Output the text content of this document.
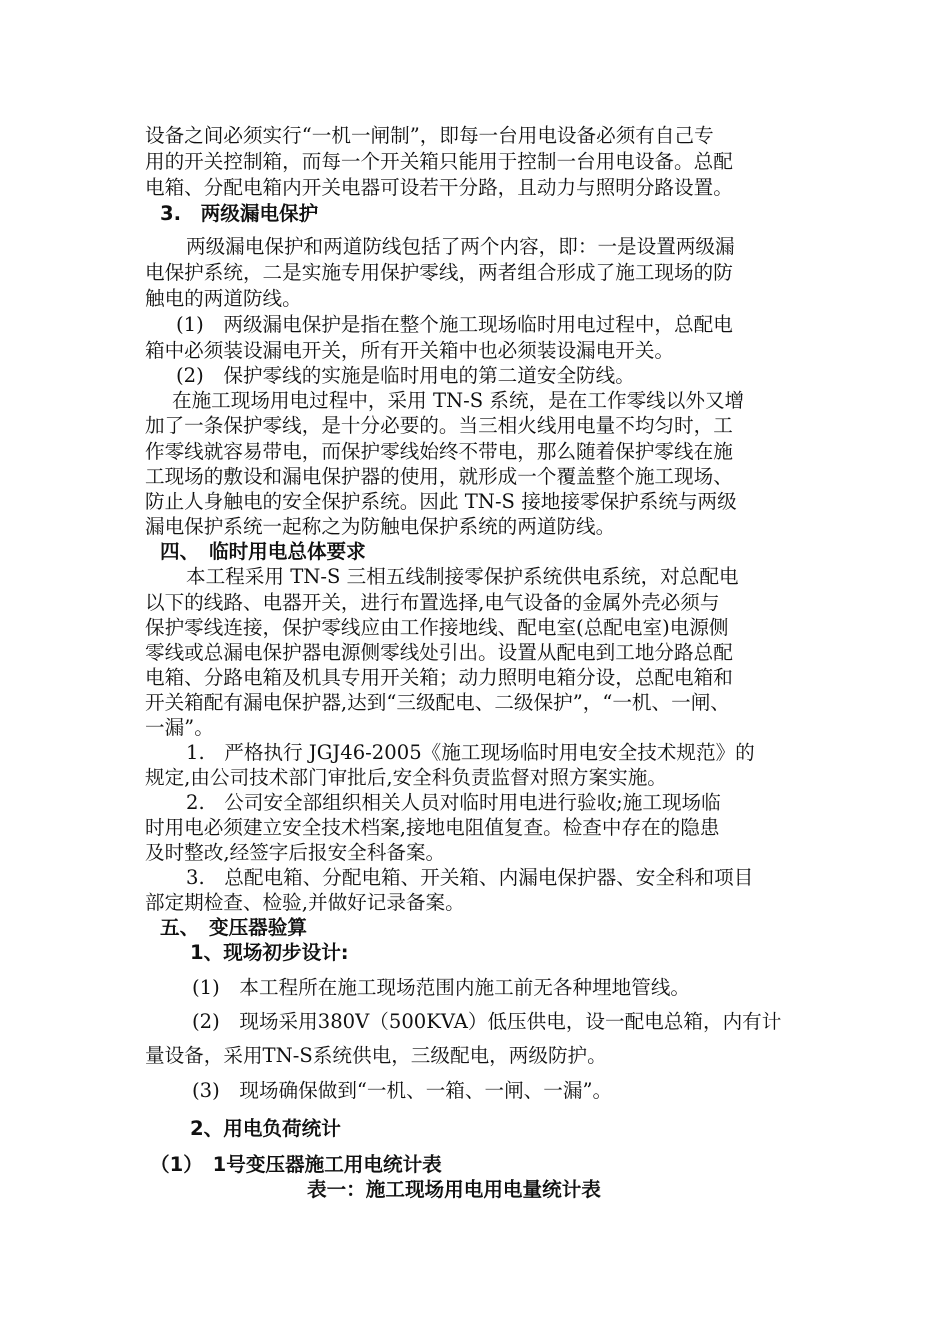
设备之间必须实行“一机一闸制”，即每一台用电设备必须有自己专
用的开关控制箱，而每一个开关箱只能用于控制一台用电设备。总配
电箱、分配电箱内开关电器可设若干分路，且动力与照明分路设置。
3.　两级漏电保护
两级漏电保护和两道防线包括了两个内容，即：一是设置两级漏
电保护系统，二是实施专用保护零线，两者组合形成了施工现场的防
触电的两道防线。
(1)　两级漏电保护是指在整个施工现场临时用电过程中，总配电
箱中必须装设漏电开关，所有开关箱中也必须装设漏电开关。
(2)　保护零线的实施是临时用电的第二道安全防线。
在施工现场用电过程中，采用 TN-S 系统，是在工作零线以外又增
加了一条保护零线，是十分必要的。当三相火线用电量不均匀时，工
作零线就容易带电，而保护零线始终不带电，那么随着保护零线在施
工现场的敷设和漏电保护器的使用，就形成一个覆盖整个施工现场、
防止人身触电的安全保护系统。因此 TN-S 接地接零保护系统与两级
漏电保护系统一起称之为防触电保护系统的两道防线。
四、　临时用电总体要求
本工程采用 TN-S 三相五线制接零保护系统供电系统，对总配电
以下的线路、电器开关，进行布置选择,电气设备的金属外壳必须与
保护零线连接，保护零线应由工作接地线、配电室(总配电室)电源侧
零线或总漏电保护器电源侧零线处引出。设置从配电到工地分路总配
电箱、分路电箱及机具专用开关箱；动力照明电箱分设，总配电箱和
开关箱配有漏电保护器,达到“三级配电、二级保护”，“一机、一闸、
一漏”。
1.　严格执行 JGJ46-2005《施工现场临时用电安全技术规范》的
规定,由公司技术部门审批后,安全科负责监督对照方案实施。
2.　公司安全部组织相关人员对临时用电进行验收;施工现场临
时用电必须建立安全技术档案,接地电阻值复查。检查中存在的隐患
及时整改,经签字后报安全科备案。
3.　总配电箱、分配电箱、开关箱、内漏电保护器、安全科和项目
部定期检查、检验,并做好记录备案。
五、　变压器验算
1、现场初步设计:
(1)　本工程所在施工现场范围内施工前无各种埋地管线。
(2)　现场采用380V（500KVA）低压供电，设一配电总箱，内有计
量设备，采用TN-S系统供电，三级配电，两级防护。
(3)　现场确保做到“一机、一箱、一闸、一漏”。
2、用电负荷统计
（1）　1号变压器施工用电统计表
表一：施工现场用电用电量统计表
